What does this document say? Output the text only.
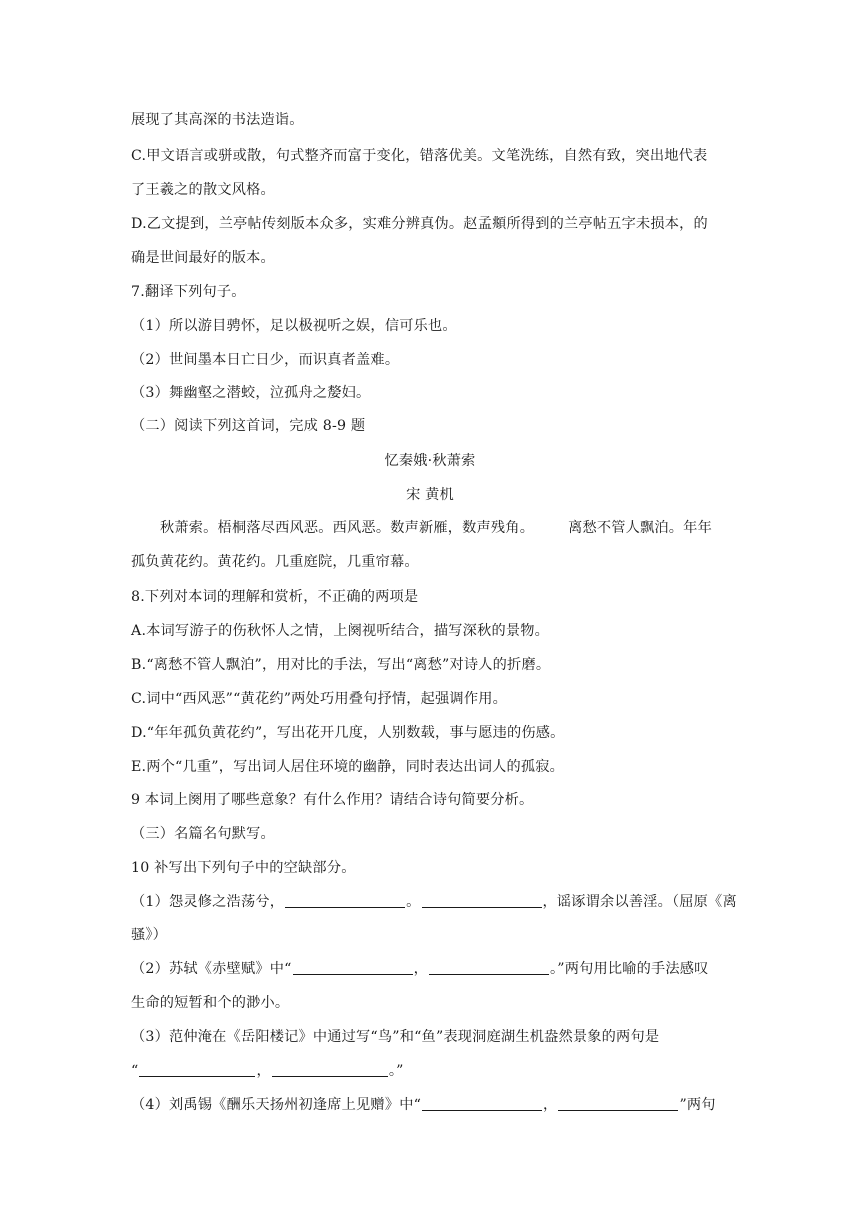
展现了其高深的书法造诣。
C.甲文语言或骈或散，句式整齐而富于变化，错落优美。文笔洗练，自然有致，突出地代表
了王羲之的散文风格。
D.乙文提到，兰亭帖传刻版本众多，实难分辨真伪。赵孟頫所得到的兰亭帖五字未损本，的
确是世间最好的版本。
7.翻译下列句子。
（1）所以游目骋怀，足以极视听之娱，信可乐也。
（2）世间墨本日亡日少，而识真者盖难。
（3）舞幽壑之潜蛟，泣孤舟之嫠妇。
（二）阅读下列这首词，完成 8-9 题
忆秦娥·秋萧索
宋 黄机
秋萧索。梧桐落尽西风恶。西风恶。数声新雁，数声残角。 离愁不管人飘泊。年年
孤负黄花约。黄花约。几重庭院，几重帘幕。
8.下列对本词的理解和赏析，不正确的两项是
A.本词写游子的伤秋怀人之情，上阕视听结合，描写深秋的景物。
B.“离愁不管人飘泊”，用对比的手法，写出“离愁”对诗人的折磨。
C.词中“西风恶”“黄花约”两处巧用叠句抒情，起强调作用。
D.“年年孤负黄花约”，写出花开几度，人别数载，事与愿违的伤感。
E.两个“几重”，写出词人居住环境的幽静，同时表达出词人的孤寂。
9 本词上阕用了哪些意象？有什么作用？请结合诗句简要分析。
（三）名篇名句默写。
10 补写出下列句子中的空缺部分。
（1）怨灵修之浩荡兮，	。	，谣诼谓余以善淫。（屈原《离
骚》）
（2）苏轼《赤壁赋》中“	，	。”两句用比喻的手法感叹
生命的短暂和个的渺小。
（3）范仲淹在《岳阳楼记》中通过写“鸟”和“鱼”表现洞庭湖生机盎然景象的两句是
“	，	。”
（4）刘禹锡《酬乐天扬州初逢席上见赠》中“	，	”两句
